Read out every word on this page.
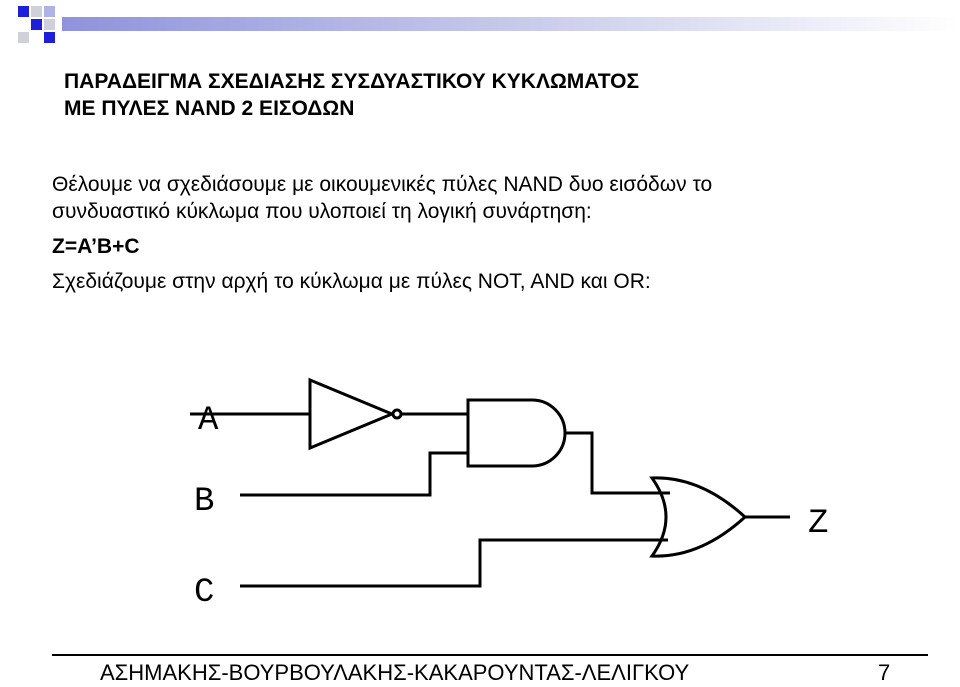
ΠΑΡΑΔΕΙΓΜΑ ΣΧΕΔΙΑΣΗΣ ΣΥΣΔΥΑΣΤΙΚΟΥ ΚΥΚΛΩΜΑΤΟΣ
ΜΕ ΠΥΛΕΣ NAND 2 ΕΙΣΟΔΩΝ
Θέλουμε να σχεδιάσουμε με οικουμενικές πύλες NAND δυο εισόδων το
συνδυαστικό κύκλωμα που υλοποιεί τη λογική συνάρτηση:
Z=A’B+C
Σχεδιάζουμε στην αρχή το κύκλωμα με πύλες NOT, AND και OR:
A
B
C
Z
ΑΣΗΜΑΚΗΣ-ΒΟΥΡΒΟΥΛΑΚΗΣ-ΚΑΚΑΡΟΥΝΤΑΣ-ΛΕΛΙΓΚΟΥ	7
